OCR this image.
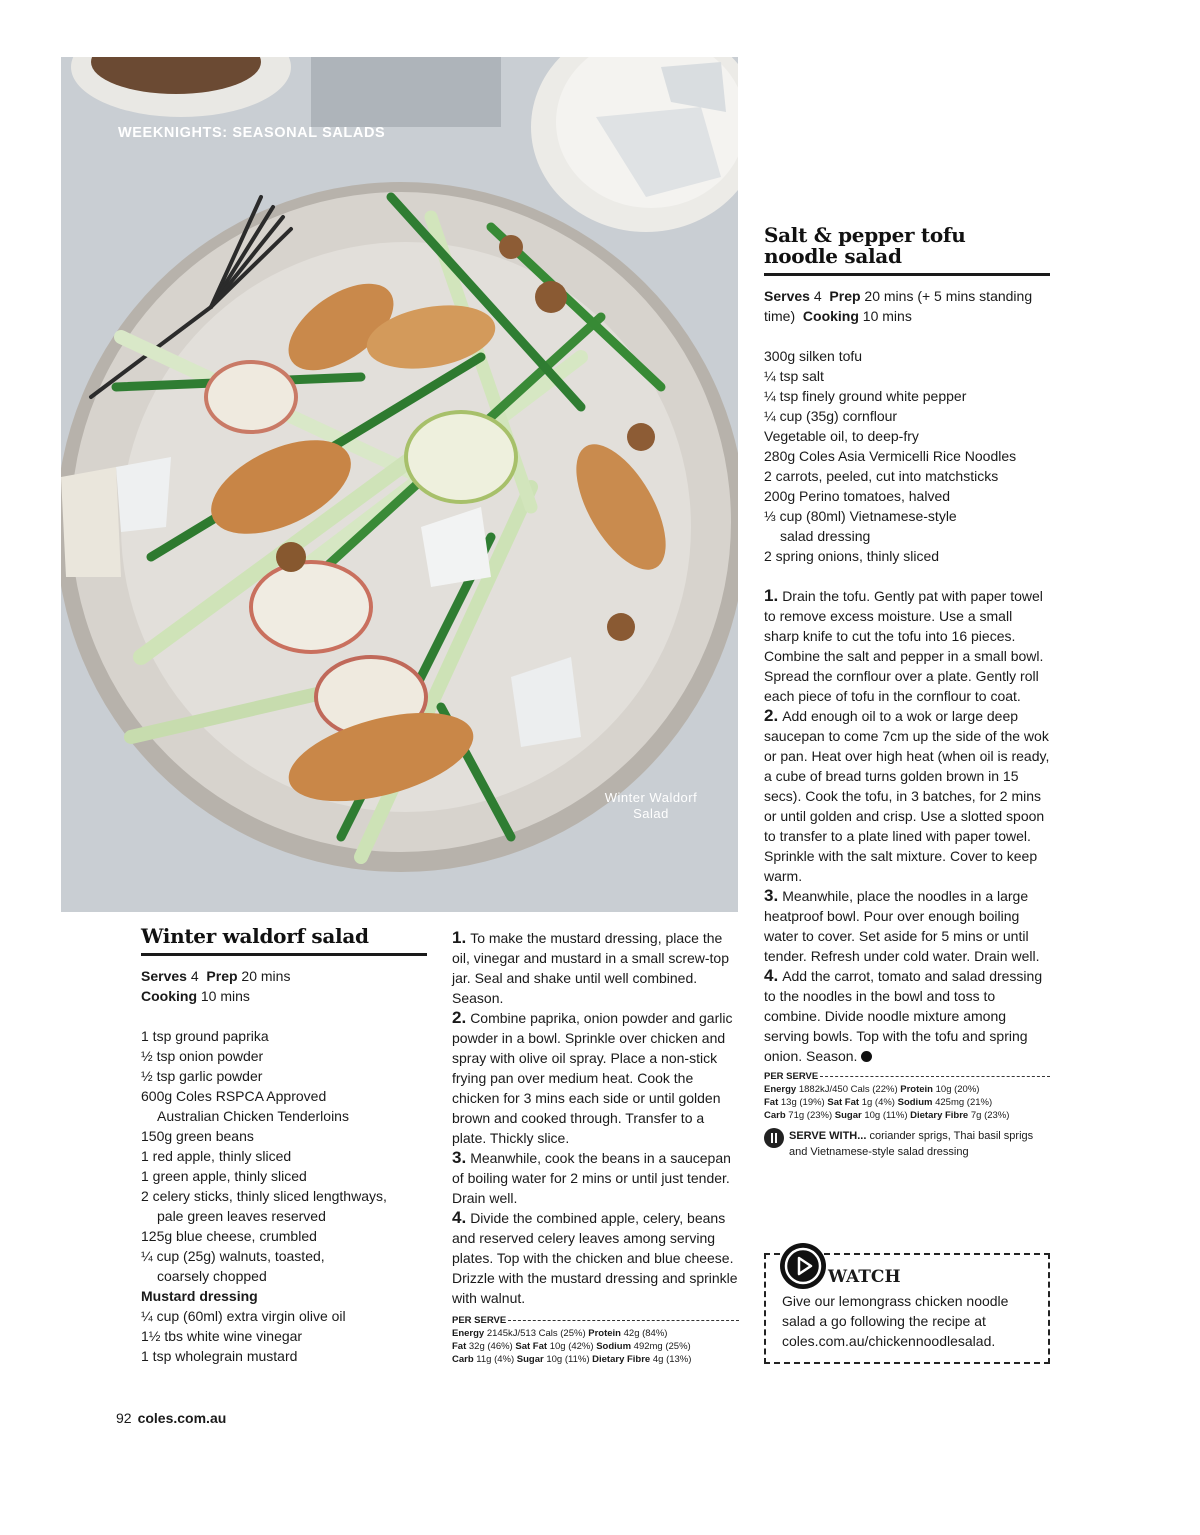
WEEKNIGHTS: SEASONAL SALADS
Winter Waldorf Salad
Winter waldorf salad
Serves 4 Prep 20 mins
Cooking 10 mins
1 tsp ground paprika
½ tsp onion powder
½ tsp garlic powder
600g Coles RSPCA Approved
Australian Chicken Tenderloins
150g green beans
1 red apple, thinly sliced
1 green apple, thinly sliced
2 celery sticks, thinly sliced lengthways,
pale green leaves reserved
125g blue cheese, crumbled
¼ cup (25g) walnuts, toasted,
coarsely chopped
Mustard dressing
¼ cup (60ml) extra virgin olive oil
1½ tbs white wine vinegar
1 tsp wholegrain mustard

1. To make the mustard dressing, place the oil, vinegar and mustard in a small screw-top jar. Seal and shake until well combined. Season.

2. Combine paprika, onion powder and garlic powder in a bowl. Sprinkle over chicken and spray with olive oil spray. Place a non-stick frying pan over medium heat. Cook the chicken for 3 mins each side or until golden brown and cooked through. Transfer to a plate. Thickly slice.

3. Meanwhile, cook the beans in a saucepan of boiling water for 2 mins or until just tender. Drain well.

4. Divide the combined apple, celery, beans and reserved celery leaves among serving plates. Top with the chicken and blue cheese. Drizzle with the mustard dressing and sprinkle with walnut.

PER SERVE
Energy 2145kJ/513 Cals (25%) Protein 42g (84%)
Fat 32g (46%) Sat Fat 10g (42%) Sodium 492mg (25%)
Carb 11g (4%) Sugar 10g (11%) Dietary Fibre 4g (13%)
Salt & pepper tofu
noodle salad
Serves 4 Prep 20 mins (+ 5 mins standing time) Cooking 10 mins
300g silken tofu
¼ tsp salt
¼ tsp finely ground white pepper
¼ cup (35g) cornflour
Vegetable oil, to deep-fry
280g Coles Asia Vermicelli Rice Noodles
2 carrots, peeled, cut into matchsticks
200g Perino tomatoes, halved
⅓ cup (80ml) Vietnamese-style
salad dressing
2 spring onions, thinly sliced

1. Drain the tofu. Gently pat with paper towel to remove excess moisture. Use a small sharp knife to cut the tofu into 16 pieces. Combine the salt and pepper in a small bowl. Spread the cornflour over a plate. Gently roll each piece of tofu in the cornflour to coat.

2. Add enough oil to a wok or large deep saucepan to come 7cm up the side of the wok or pan. Heat over high heat (when oil is ready, a cube of bread turns golden brown in 15 secs). Cook the tofu, in 3 batches, for 2 mins or until golden and crisp. Use a slotted spoon to transfer to a plate lined with paper towel. Sprinkle with the salt mixture. Cover to keep warm.

3. Meanwhile, place the noodles in a large heatproof bowl. Pour over enough boiling water to cover. Set aside for 5 mins or until tender. Refresh under cold water. Drain well.

4. Add the carrot, tomato and salad dressing to the noodles in the bowl and toss to combine. Divide noodle mixture among serving bowls. Top with the tofu and spring onion. Season.

PER SERVE
Energy 1882kJ/450 Cals (22%) Protein 10g (20%)
Fat 13g (19%) Sat Fat 1g (4%) Sodium 425mg (21%)
Carb 71g (23%) Sugar 10g (11%) Dietary Fibre 7g (23%)
SERVE WITH... coriander sprigs, Thai basil sprigs and Vietnamese-style salad dressing
WATCH
Give our lemongrass chicken noodle salad a go following the recipe at coles.com.au/chickennoodlesalad.
92 coles.com.au
